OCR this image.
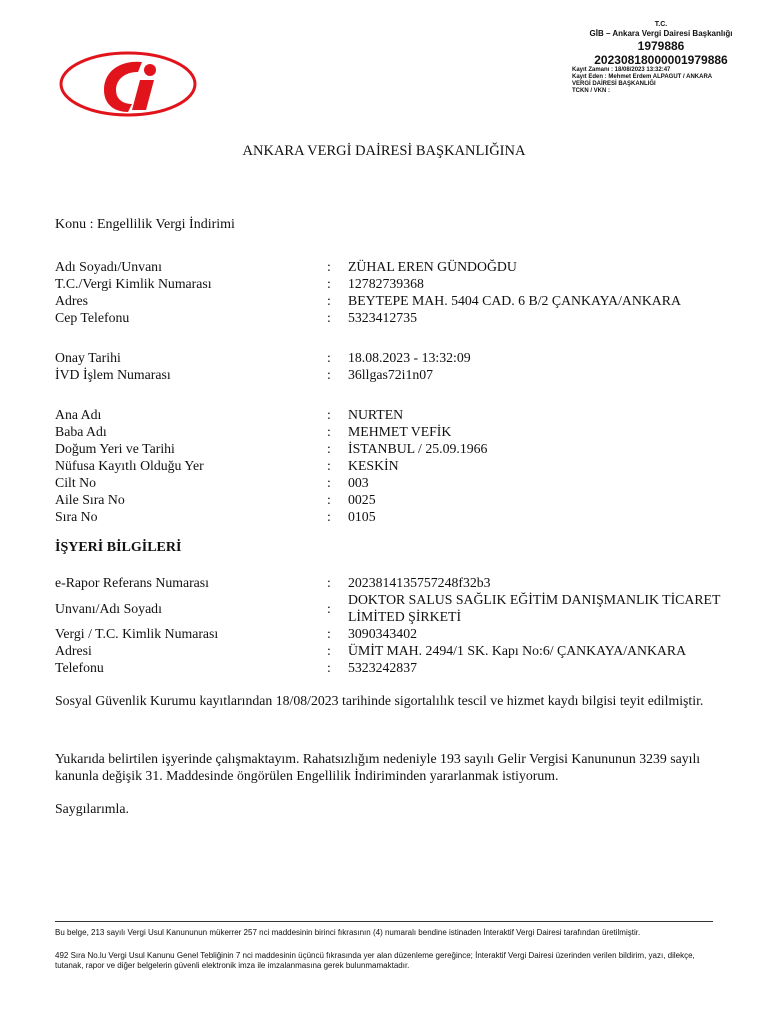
T.C.
GİB – Ankara Vergi Dairesi Başkanlığı
1979886
20230818000001979886
Kayıt Zamanı : 18/08/2023 13:32:47
Kayıt Eden : Mehmet Erdem ALPAGUT / ANKARA
VERGİ DAİRESİ BAŞKANLIĞI
TCKN / VKN :
ANKARA VERGİ DAİRESİ BAŞKANLIĞINA
Konu : Engellilik Vergi İndirimi
Adı Soyadı/Unvanı	: ZÜHAL EREN GÜNDOĞDU
T.C./Vergi Kimlik Numarası	: 12782739368
Adres	: BEYTEPE MAH. 5404 CAD. 6 B/2 ÇANKAYA/ANKARA
Cep Telefonu	: 5323412735
Onay Tarihi	: 18.08.2023 - 13:32:09
İVD İşlem Numarası	: 36llgas72i1n07
Ana Adı	: NURTEN
Baba Adı	: MEHMET VEFİK
Doğum Yeri ve Tarihi	: İSTANBUL / 25.09.1966
Nüfusa Kayıtlı Olduğu Yer	: KESKİN
Cilt No	: 003
Aile Sıra No	: 0025
Sıra No	: 0105
İŞYERİ BİLGİLERİ
e-Rapor Referans Numarası	: 2023814135757248f32b3
Unvanı/Adı Soyadı	:
DOKTOR SALUS SAĞLIK EĞİTİM DANIŞMANLIK TİCARET LİMİTED ŞİRKETİ
Vergi / T.C. Kimlik Numarası	: 3090343402
Adresi	: ÜMİT MAH. 2494/1 SK. Kapı No:6/ ÇANKAYA/ANKARA
Telefonu	: 5323242837
Sosyal Güvenlik Kurumu kayıtlarından 18/08/2023 tarihinde sigortalılık tescil ve hizmet kaydı bilgisi teyit edilmiştir.
Yukarıda belirtilen işyerinde çalışmaktayım. Rahatsızlığım nedeniyle 193 sayılı Gelir Vergisi Kanununun 3239 sayılı kanunla değişik 31. Maddesinde öngörülen Engellilik İndiriminden yararlanmak istiyorum.
Saygılarımla.
Bu belge, 213 sayılı Vergi Usul Kanununun mükerrer 257 nci maddesinin birinci fıkrasının (4) numaralı bendine istinaden İnteraktif Vergi Dairesi tarafından üretilmiştir.
492 Sıra No.lu Vergi Usul Kanunu Genel Tebliğinin 7 nci maddesinin üçüncü fıkrasında yer alan düzenleme gereğince; İnteraktif Vergi Dairesi üzerinden verilen bildirim, yazı, dilekçe, tutanak, rapor ve diğer belgelerin güvenli elektronik imza ile imzalanmasına gerek bulunmamaktadır.
